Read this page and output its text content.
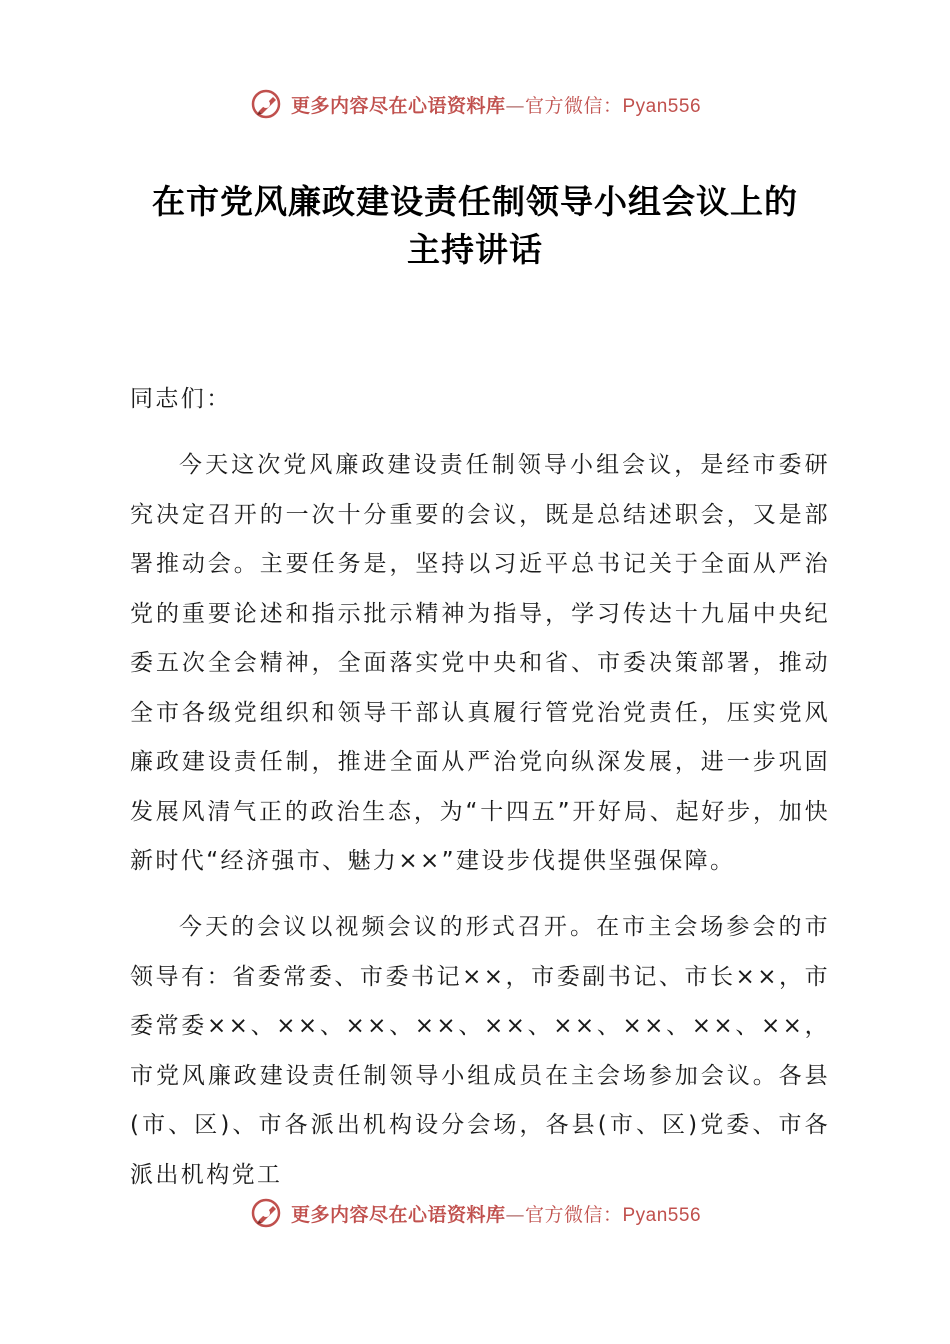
更多内容尽在心语资料库—官方微信：Pyan556
在市党风廉政建设责任制领导小组会议上的
主持讲话
同志们：
今天这次党风廉政建设责任制领导小组会议，是经市委研究决定召开的一次十分重要的会议，既是总结述职会，又是部署推动会。主要任务是，坚持以习近平总书记关于全面从严治党的重要论述和指示批示精神为指导，学习传达十九届中央纪委五次全会精神，全面落实党中央和省、市委决策部署，推动全市各级党组织和领导干部认真履行管党治党责任，压实党风廉政建设责任制，推进全面从严治党向纵深发展，进一步巩固发展风清气正的政治生态，为“十四五”开好局、起好步，加快新时代“经济强市、魅力××”建设步伐提供坚强保障。
今天的会议以视频会议的形式召开。在市主会场参会的市领导有：省委常委、市委书记××，市委副书记、市长××，市委常委××、××、××、××、××、××、××、××、××，市党风廉政建设责任制领导小组成员在主会场参加会议。各县(市、区)、市各派出机构设分会场，各县(市、区)党委、市各派出机构党工
更多内容尽在心语资料库—官方微信：Pyan556
